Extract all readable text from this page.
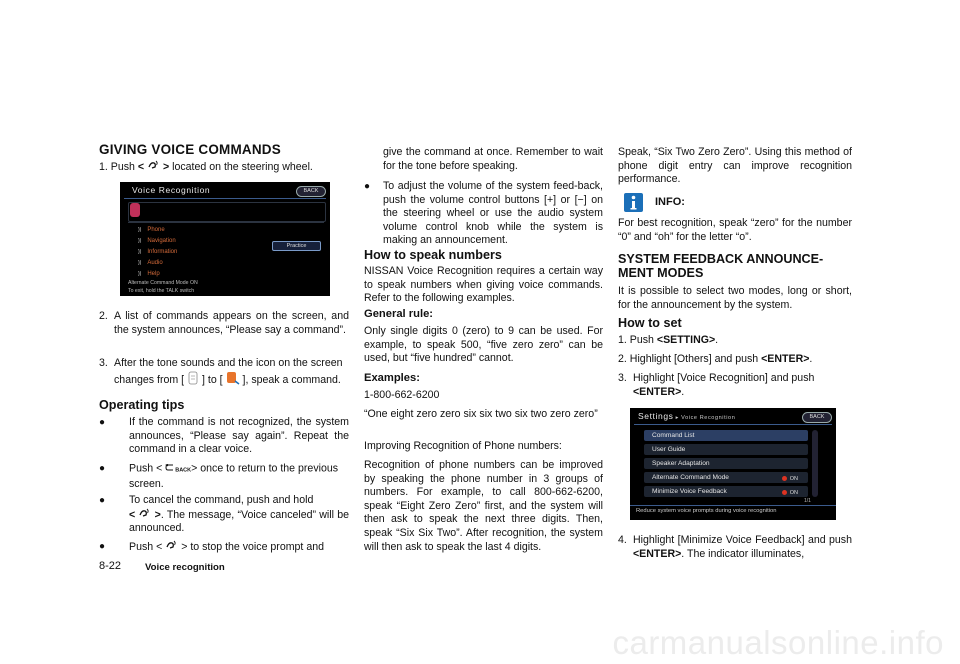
GIVING VOICE COMMANDS
1. Push < > located on the steering wheel.
Voice Recognition	BACK
)) Phone
)) Navigation
)) Information
)) Audio
)) Help
Practice
Alternate Command Mode ON
To exit, hold the TALK switch
2. A list of commands appears on the screen, and the system announces, “Please say a command”.
3. After the tone sounds and the icon on the screen changes from [ ] to [ ], speak a command.
Operating tips
●	If the command is not recognized, the system announces, “Please say again”. Repeat the command in a clear voice.
●	Push < BACK> once to return to the previous screen.
●	To cancel the command, push and hold
< >. The message, “Voice canceled” will be announced.
●	Push < > to stop the voice prompt and
8-22 Voice recognition
give the command at once. Remember to wait for the tone before speaking.
●	To adjust the volume of the system feed-back, push the volume control buttons [+] or [−] on the steering wheel or use the audio system volume control knob while the system is making an announcement.
How to speak numbers
NISSAN Voice Recognition requires a certain way to speak numbers when giving voice commands. Refer to the following examples.
General rule:
Only single digits 0 (zero) to 9 can be used. For example, to speak 500, “five zero zero” can be used, but “five hundred” cannot.
Examples:
1-800-662-6200
“One eight zero zero six six two six two zero zero”
Improving Recognition of Phone numbers:
Recognition of phone numbers can be improved by speaking the phone number in 3 groups of numbers. For example, to call 800-662-6200, speak “Eight Zero Zero” first, and the system will then ask to speak the next three digits. Then, speak “Six Six Two”. After recognition, the system will then ask to speak the last 4 digits.
Speak, “Six Two Zero Zero”. Using this method of phone digit entry can improve recognition performance.
INFO:
For best recognition, speak “zero” for the number “0” and “oh” for the letter “o”.
SYSTEM FEEDBACK ANNOUNCE-MENT MODES
It is possible to select two modes, long or short, for the announcement by the system.
How to set
1. Push <SETTING>.
2. Highlight [Others] and push <ENTER>.
3. Highlight [Voice Recognition] and push
<ENTER>.
Settings ▸ Voice Recognition	BACK
Command List
User Guide
Speaker Adaptation
Alternate Command Mode	ON
Minimize Voice Feedback	ON
1/1
Reduce system voice prompts during voice recognition
4. Highlight [Minimize Voice Feedback] and push <ENTER>. The indicator illuminates,
carmanualsonline.info
